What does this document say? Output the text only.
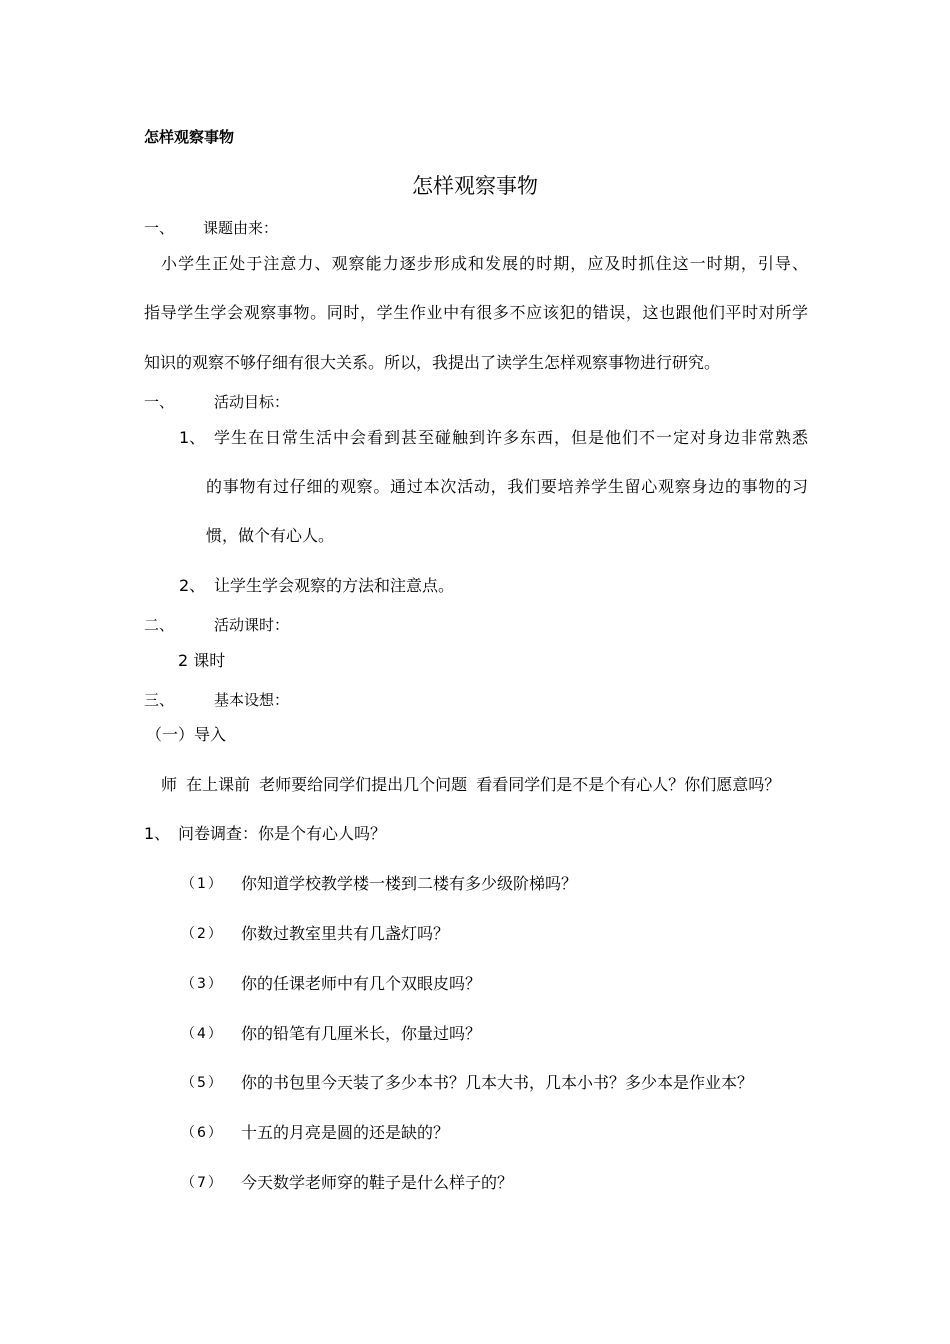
怎样观察事物
怎样观察事物
一、 课题由来：
　小学生正处于注意力、观察能力逐步形成和发展的时期，应及时抓住这一时期，引导、
指导学生学会观察事物。同时，学生作业中有很多不应该犯的错误，这也跟他们平时对所学
知识的观察不够仔细有很大关系。所以，我提出了读学生怎样观察事物进行研究。
一、	活动目标：
1、 学生在日常生活中会看到甚至碰触到许多东西，但是他们不一定对身边非常熟悉
的事物有过仔细的观察。通过本次活动，我们要培养学生留心观察身边的事物的习
惯，做个有心人。
2、 让学生学会观察的方法和注意点。
二、	活动课时：
2 课时
三、	基本设想：
（一）导入
师 在上课前 老师要给同学们提出几个问题 看看同学们是不是个有心人？你们愿意吗？
1、 问卷调查：你是个有心人吗？
（1） 你知道学校教学楼一楼到二楼有多少级阶梯吗？
（2） 你数过教室里共有几盏灯吗？
（3） 你的任课老师中有几个双眼皮吗？
（4） 你的铅笔有几厘米长，你量过吗？
（5） 你的书包里今天装了多少本书？几本大书，几本小书？多少本是作业本？
（6） 十五的月亮是圆的还是缺的？
（7） 今天数学老师穿的鞋子是什么样子的？
